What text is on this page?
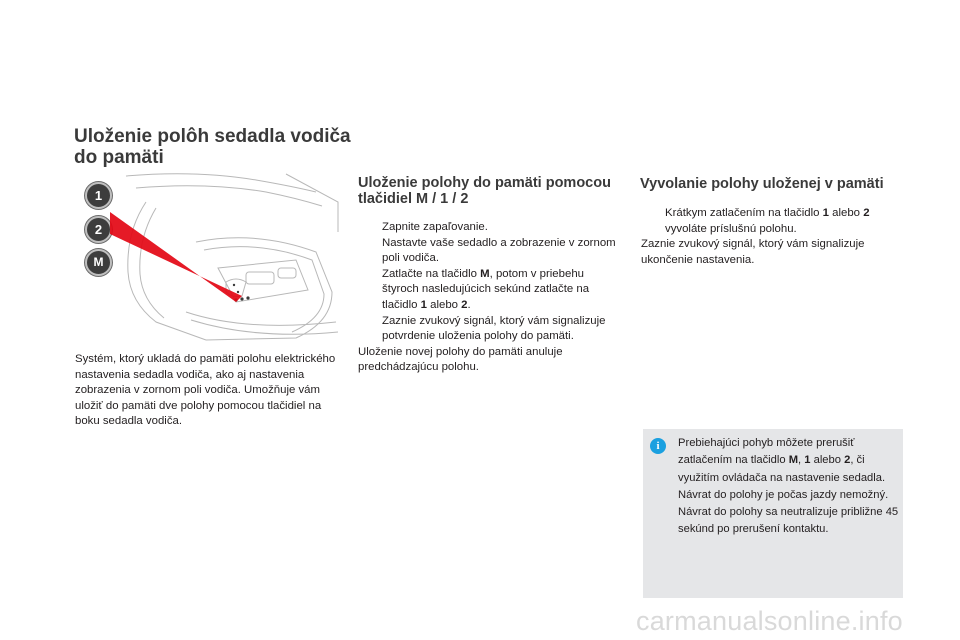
Uloženie polôh sedadla vodiča do pamäti
1
2
M
Systém, ktorý ukladá do pamäti polohu elektrického nastavenia sedadla vodiča, ako aj nastavenia zobrazenia v zornom poli vodiča. Umožňuje vám uložiť do pamäti dve polohy pomocou tlačidiel na boku sedadla vodiča.
Uloženie polohy do pamäti pomocou tlačidiel M / 1 / 2
Zapnite zapaľovanie.
Nastavte vaše sedadlo a zobrazenie v zornom poli vodiča.
Zatlačte na tlačidlo M, potom v priebehu štyroch nasledujúcich sekúnd zatlačte na tlačidlo 1 alebo 2.
Zaznie zvukový signál, ktorý vám signalizuje potvrdenie uloženia polohy do pamäti.
Uloženie novej polohy do pamäti anuluje predchádzajúcu polohu.
Vyvolanie polohy uloženej v pamäti
Krátkym zatlačením na tlačidlo 1 alebo 2 vyvoláte príslušnú polohu.
Zaznie zvukový signál, ktorý vám signalizuje ukončenie nastavenia.
i	Prebiehajúci pohyb môžete prerušiť zatlačením na tlačidlo M, 1 alebo 2, či využitím ovládača na nastavenie sedadla. Návrat do polohy je počas jazdy nemožný. Návrat do polohy sa neutralizuje približne 45 sekúnd po prerušení kontaktu.
carmanualsonline.info
